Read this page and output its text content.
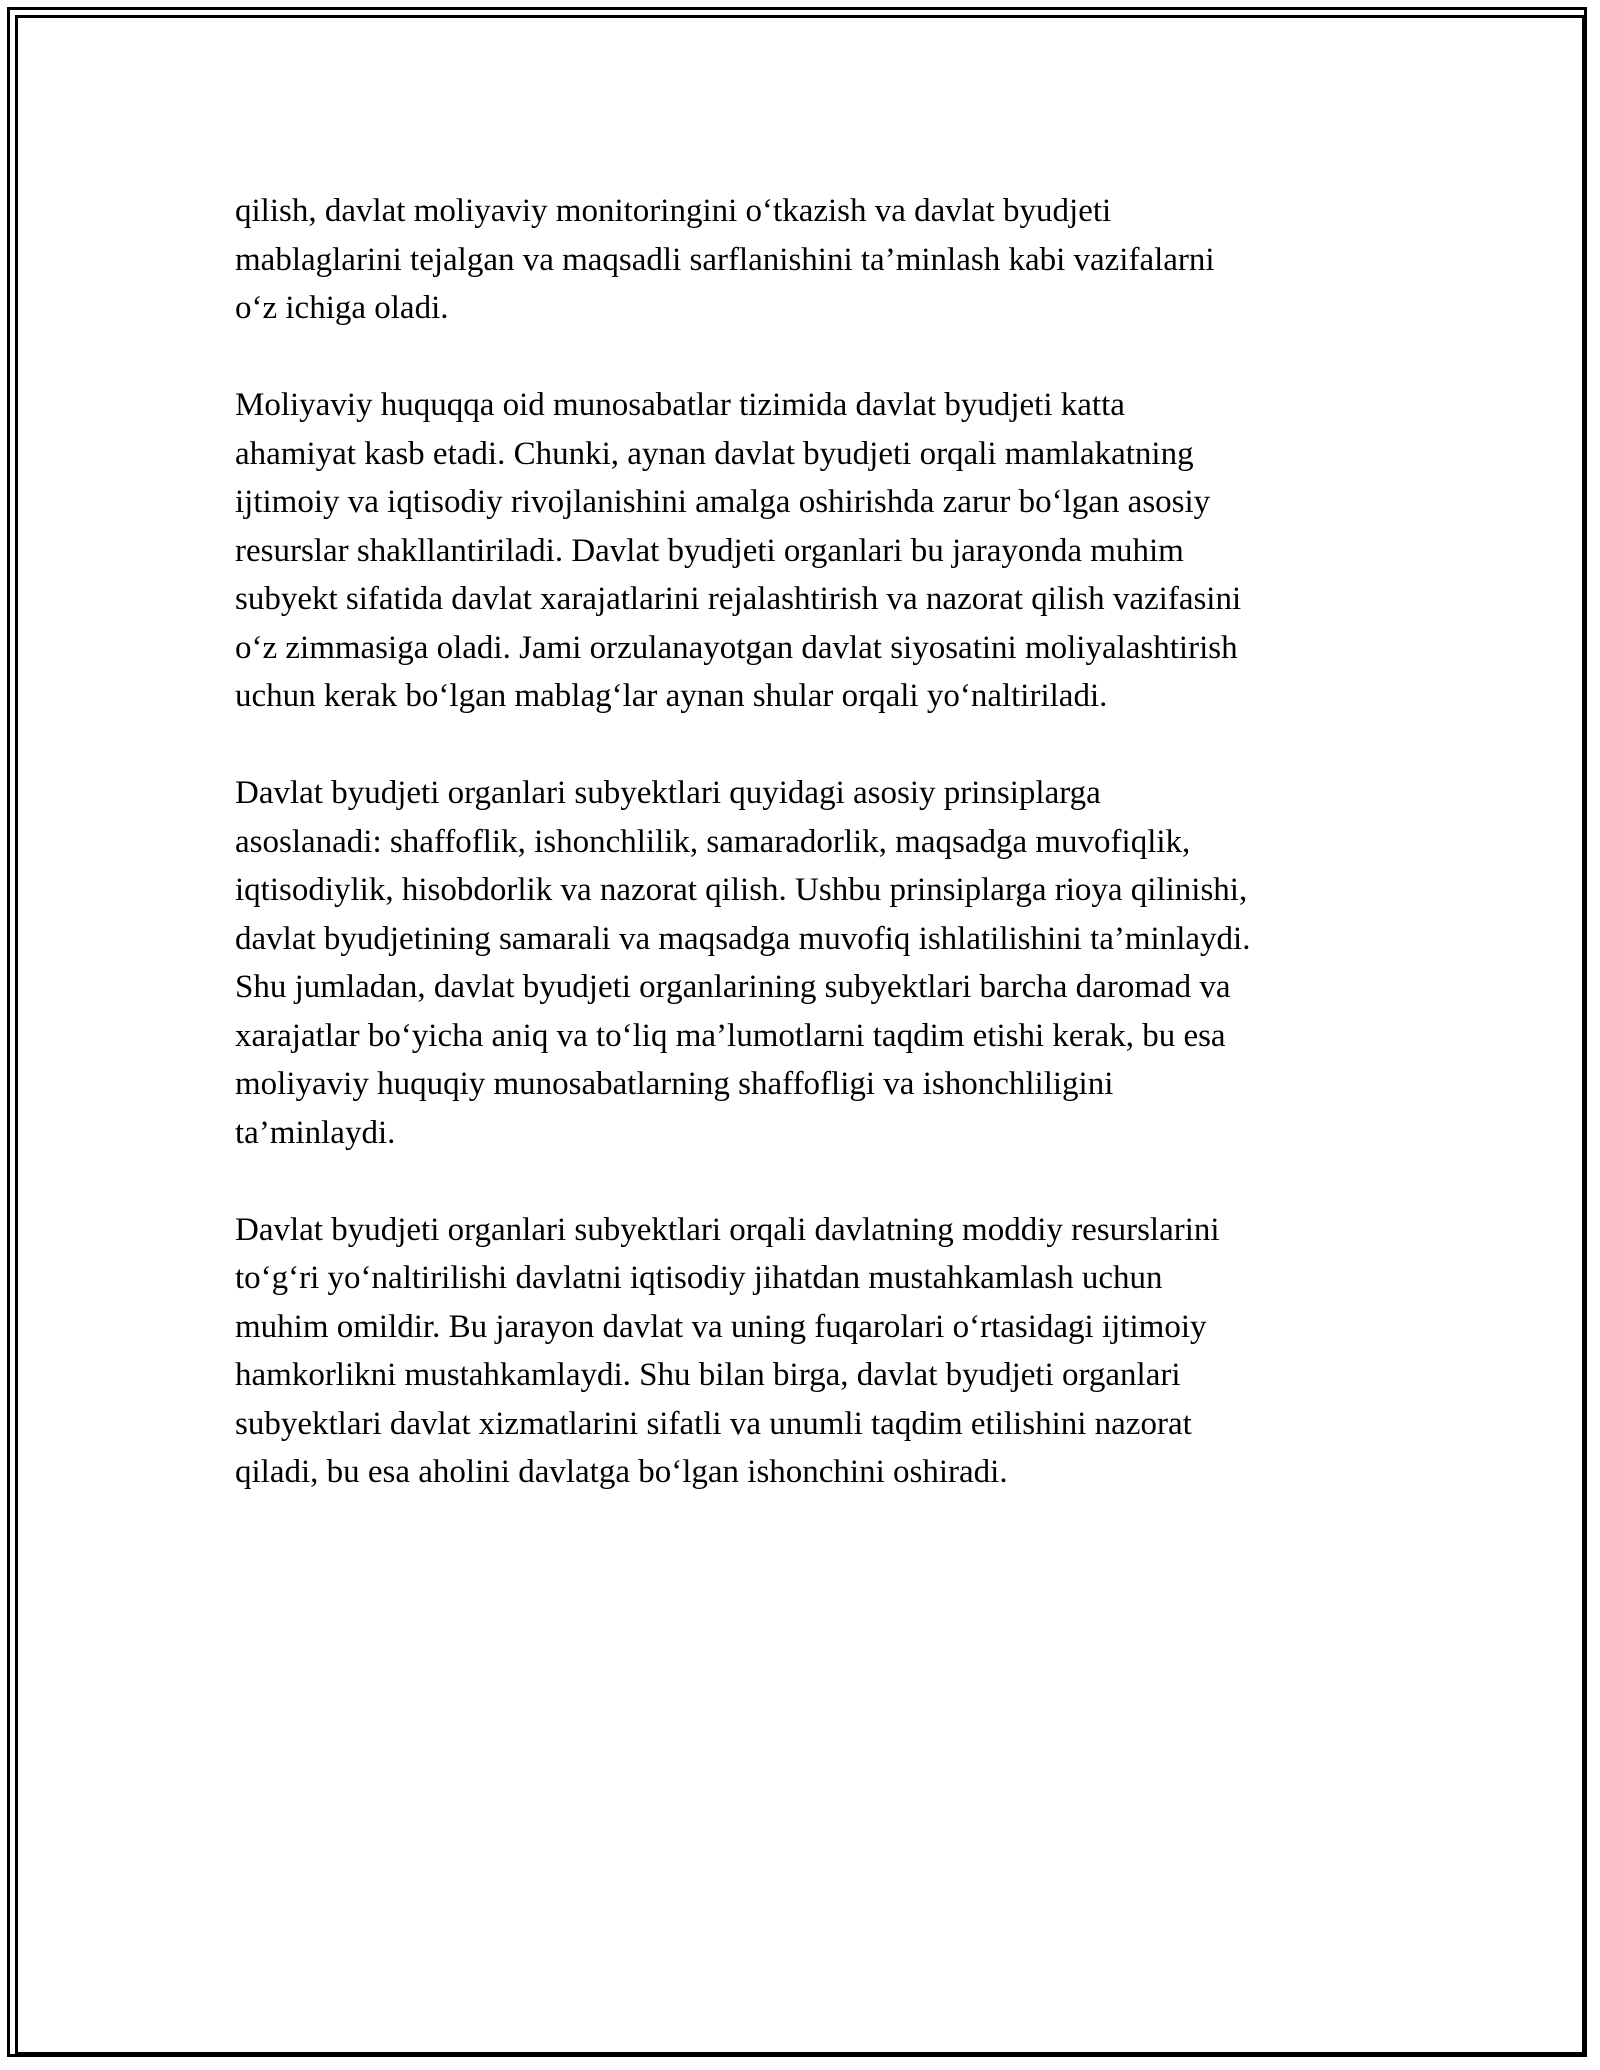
qilish, davlat moliyaviy monitoringini o‘tkazish va davlat byudjeti
mablaglarini tejalgan va maqsadli sarflanishini ta’minlash kabi vazifalarni
o‘z ichiga oladi.

Moliyaviy huquqqa oid munosabatlar tizimida davlat byudjeti katta
ahamiyat kasb etadi. Chunki, aynan davlat byudjeti orqali mamlakatning
ijtimoiy va iqtisodiy rivojlanishini amalga oshirishda zarur bo‘lgan asosiy
resurslar shakllantiriladi. Davlat byudjeti organlari bu jarayonda muhim
subyekt sifatida davlat xarajatlarini rejalashtirish va nazorat qilish vazifasini
o‘z zimmasiga oladi. Jami orzulanayotgan davlat siyosatini moliyalashtirish
uchun kerak bo‘lgan mablag‘lar aynan shular orqali yo‘naltiriladi.

Davlat byudjeti organlari subyektlari quyidagi asosiy prinsiplarga
asoslanadi: shaffoflik, ishonchlilik, samaradorlik, maqsadga muvofiqlik,
iqtisodiylik, hisobdorlik va nazorat qilish. Ushbu prinsiplarga rioya qilinishi,
davlat byudjetining samarali va maqsadga muvofiq ishlatilishini ta’minlaydi.
Shu jumladan, davlat byudjeti organlarining subyektlari barcha daromad va
xarajatlar bo‘yicha aniq va to‘liq ma’lumotlarni taqdim etishi kerak, bu esa
moliyaviy huquqiy munosabatlarning shaffofligi va ishonchliligini
ta’minlaydi.

Davlat byudjeti organlari subyektlari orqali davlatning moddiy resurslarini
to‘g‘ri yo‘naltirilishi davlatni iqtisodiy jihatdan mustahkamlash uchun
muhim omildir. Bu jarayon davlat va uning fuqarolari o‘rtasidagi ijtimoiy
hamkorlikni mustahkamlaydi. Shu bilan birga, davlat byudjeti organlari
subyektlari davlat xizmatlarini sifatli va unumli taqdim etilishini nazorat
qiladi, bu esa aholini davlatga bo‘lgan ishonchini oshiradi.
